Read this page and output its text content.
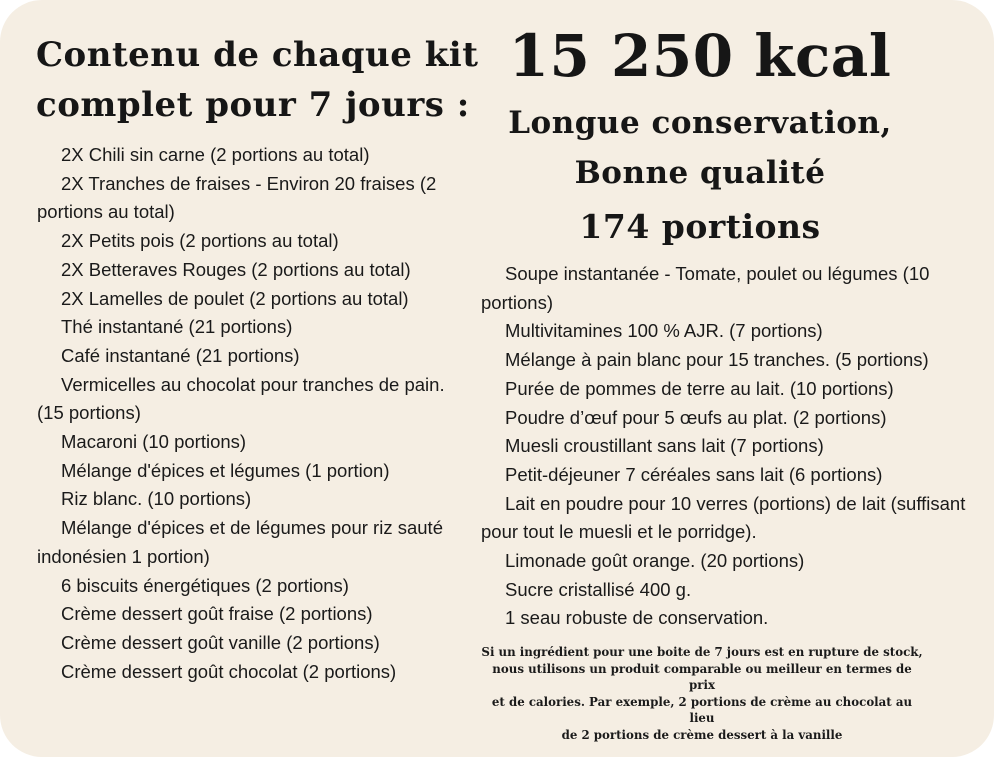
Contenu de chaque kit
complet pour 7 jours :
15 250 kcal
Longue conservation,
Bonne qualité
174 portions
2X Chili sin carne (2 portions au total)
2X Tranches de fraises - Environ 20 fraises (2 portions au total)
2X Petits pois (2 portions au total)
2X Betteraves Rouges (2 portions au total)
2X Lamelles de poulet (2 portions au total)
Thé instantané (21 portions)
Café instantané (21 portions)
Vermicelles au chocolat pour tranches de pain. (15 portions)
Macaroni (10 portions)
Mélange d'épices et légumes (1 portion)
Riz blanc. (10 portions)
Mélange d'épices et de légumes pour riz sauté indonésien 1 portion)
6 biscuits énergétiques (2 portions)
Crème dessert goût fraise (2 portions)
Crème dessert goût vanille (2 portions)
Crème dessert goût chocolat (2 portions)
Soupe instantanée - Tomate, poulet ou légumes (10 portions)
Multivitamines 100 % AJR. (7 portions)
Mélange à pain blanc pour 15 tranches. (5 portions)
Purée de pommes de terre au lait. (10 portions)
Poudre d’œuf pour 5 œufs au plat. (2 portions)
Muesli croustillant sans lait (7 portions)
Petit-déjeuner 7 céréales sans lait (6 portions)
Lait en poudre pour 10 verres (portions) de lait (suffisant pour tout le muesli et le porridge).
Limonade goût orange. (20 portions)
Sucre cristallisé 400 g.
1 seau robuste de conservation.
Si un ingrédient pour une boite de 7 jours est en rupture de stock,
nous utilisons un produit comparable ou meilleur en termes de prix
et de calories. Par exemple, 2 portions de crème au chocolat au lieu
de 2 portions de crème dessert à la vanille
